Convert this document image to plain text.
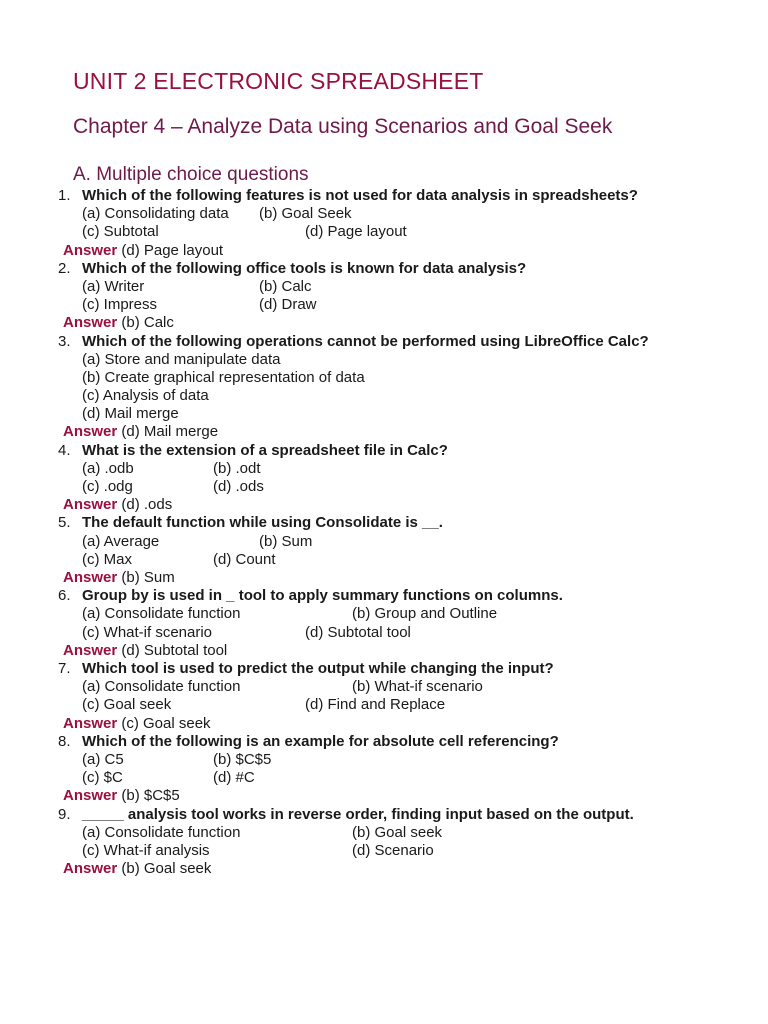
UNIT 2 ELECTRONIC SPREADSHEET
Chapter 4 – Analyze Data using Scenarios and Goal Seek
A. Multiple choice questions
1. Which of the following features is not used for data analysis in spreadsheets?
(a) Consolidating data (b) Goal Seek
(c) Subtotal	(d) Page layout
Answer (d) Page layout
2. Which of the following office tools is known for data analysis?
(a) Writer	(b) Calc
(c) Impress	(d) Draw
Answer (b) Calc
3. Which of the following operations cannot be performed using LibreOffice Calc?
(a) Store and manipulate data
(b) Create graphical representation of data
(c) Analysis of data
(d) Mail merge
Answer (d) Mail merge
4. What is the extension of a spreadsheet file in Calc?
(a) .odb	(b) .odt
(c) .odg	(d) .ods
Answer (d) .ods
5. The default function while using Consolidate is __.
(a) Average	(b) Sum
(c) Max	(d) Count
Answer (b) Sum
6. Group by is used in _ tool to apply summary functions on columns.
(a) Consolidate function	(b) Group and Outline
(c) What-if scenario	(d) Subtotal tool
Answer (d) Subtotal tool
7. Which tool is used to predict the output while changing the input?
(a) Consolidate function	(b) What-if scenario
(c) Goal seek	(d) Find and Replace
Answer (c) Goal seek
8. Which of the following is an example for absolute cell referencing?
(a) C5	(b) $C$5
(c) $C	(d) #C
Answer (b) $C$5
9. _____ analysis tool works in reverse order, finding input based on the output.
(a) Consolidate function	(b) Goal seek
(c) What-if analysis	(d) Scenario
Answer (b) Goal seek
